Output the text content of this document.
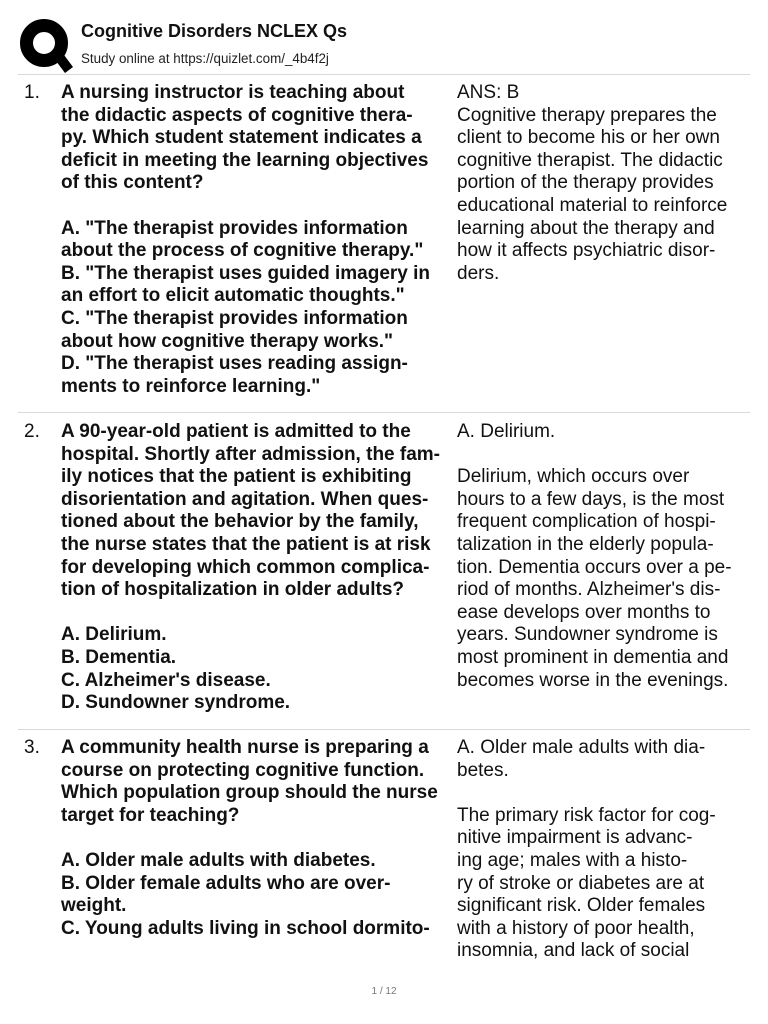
Cognitive Disorders NCLEX Qs
Study online at https://quizlet.com/_4b4f2j
1. A nursing instructor is teaching about
the didactic aspects of cognitive thera-
py. Which student statement indicates a
deficit in meeting the learning objectives
of this content?
A. "The therapist provides information
about the process of cognitive therapy."
B. "The therapist uses guided imagery in
an effort to elicit automatic thoughts."
C. "The therapist provides information
about how cognitive therapy works."
D. "The therapist uses reading assign-
ments to reinforce learning."
ANS: B
Cognitive therapy prepares the
client to become his or her own
cognitive therapist. The didactic
portion of the therapy provides
educational material to reinforce
learning about the therapy and
how it affects psychiatric disor-
ders.
2. A 90-year-old patient is admitted to the
hospital. Shortly after admission, the fam-
ily notices that the patient is exhibiting
disorientation and agitation. When ques-
tioned about the behavior by the family,
the nurse states that the patient is at risk
for developing which common complica-
tion of hospitalization in older adults?
A. Delirium.
B. Dementia.
C. Alzheimer's disease.
D. Sundowner syndrome.
A. Delirium.
Delirium, which occurs over
hours to a few days, is the most
frequent complication of hospi-
talization in the elderly popula-
tion. Dementia occurs over a pe-
riod of months. Alzheimer's dis-
ease develops over months to
years. Sundowner syndrome is
most prominent in dementia and
becomes worse in the evenings.
3. A community health nurse is preparing a
course on protecting cognitive function.
Which population group should the nurse
target for teaching?
A. Older male adults with diabetes.
B. Older female adults who are over-
weight.
C. Young adults living in school dormito-
A. Older male adults with dia-
betes.
The primary risk factor for cog-
nitive impairment is advanc-
ing age; males with a histo-
ry of stroke or diabetes are at
significant risk. Older females
with a history of poor health,
insomnia, and lack of social
1 / 12
